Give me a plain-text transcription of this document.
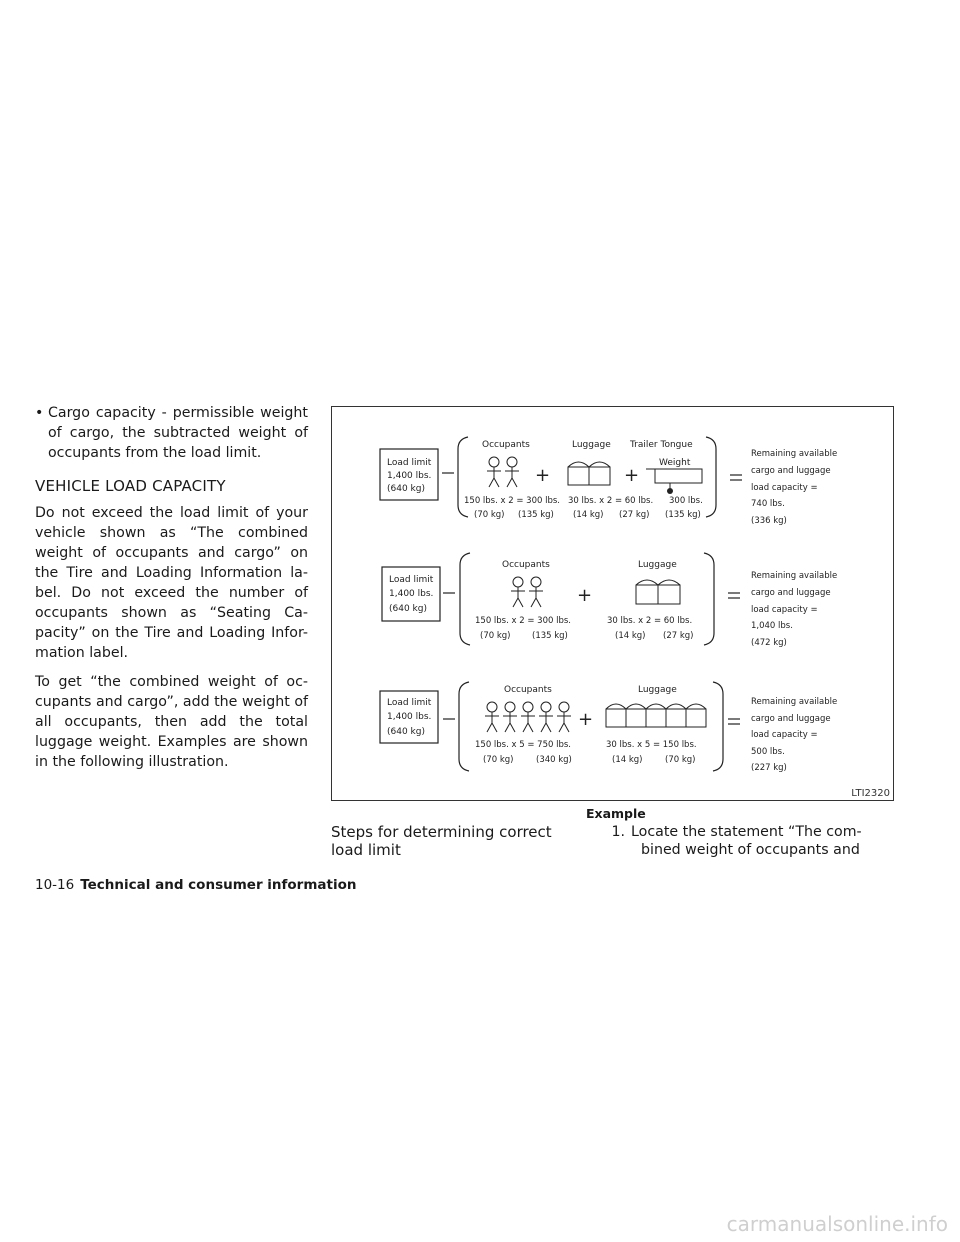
• Cargo capacity - permissible weight of cargo, the subtracted weight of occupants from the load limit.
VEHICLE LOAD CAPACITY

Do not exceed the load limit of your vehicle shown as “The combined weight of occupants and cargo” on the Tire and Loading Information la-bel. Do not exceed the number of occupants shown as “Seating Ca-pacity” on the Tire and Loading Infor-mation label.

To get “the combined weight of oc-cupants and cargo”, add the weight of all occupants, then add the total luggage weight. Examples are shown in the following illustration.

Load limit
1,400 lbs.
(640 kg)
Occupants	Luggage Trailer Tongue
Weight
+	+
150 lbs. x 2 = 300 lbs.
(70 kg) (135 kg)
30 lbs. x 2 = 60 lbs.
(14 kg) (27 kg)
300 lbs.
(135 kg)
Remaining available
cargo and luggage
load capacity =
740 lbs.
(336 kg)
Load limit
1,400 lbs.
(640 kg)
Occupants	Luggage
+
150 lbs. x 2 = 300 lbs.
(70 kg)	(135 kg)
30 lbs. x 2 = 60 lbs.
(14 kg) (27 kg)
Remaining available
cargo and luggage
load capacity =
1,040 lbs.
(472 kg)
Load limit
1,400 lbs.
(640 kg)
Occupants	Luggage
+
150 lbs. x 5 = 750 lbs.
(70 kg)	(340 kg)
30 lbs. x 5 = 150 lbs.
(14 kg)	(70 kg)
Remaining available
cargo and luggage
load capacity =
500 lbs.
(227 kg)
LTI2320
Example
Steps for determining correct load limit
1. Locate the statement “The com-
bined weight of occupants and
10-16 Technical and consumer information
carmanualsonline.info
